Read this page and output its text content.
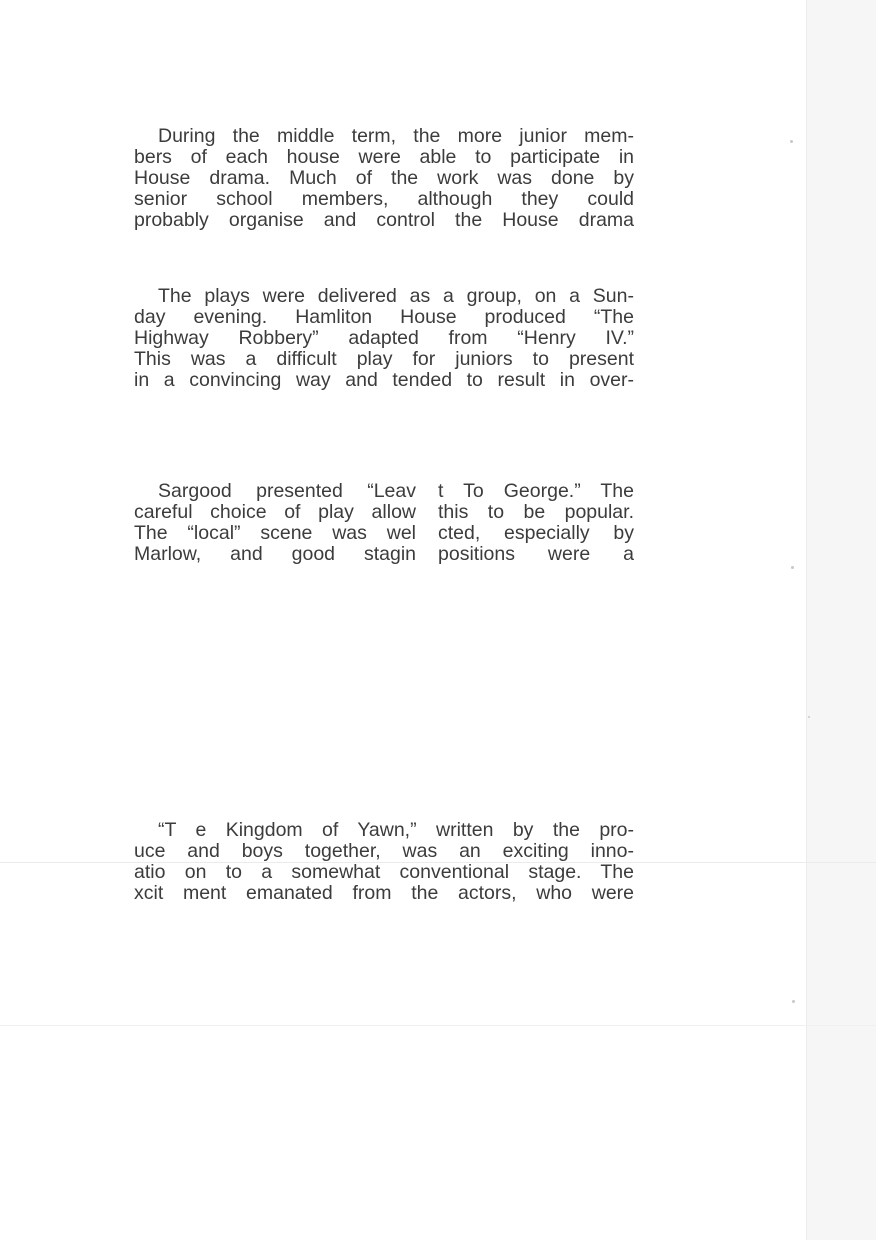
During the middle term, the more junior mem-
bers of each house were able to participate in
House drama. Much of the work was done by
senior school members, although they could
probably organise and control the House drama
The plays were delivered as a group, on a Sun-
day evening. Hamliton House produced “The
Highway Robbery” adapted from “Henry IV.”
This was a difficult play for juniors to present
in a convincing way and tended to result in over-
Sargood presented “Leav t To George.” The
careful choice of play allow this to be popular.
The “local” scene was wel cted, especially by
Marlow, and good stagin positions were a
“T e Kingdom of Yawn,” written by the pro-
uce and boys together, was an exciting inno-
atio on to a somewhat conventional stage. The
xcit ment emanated from the actors, who were
